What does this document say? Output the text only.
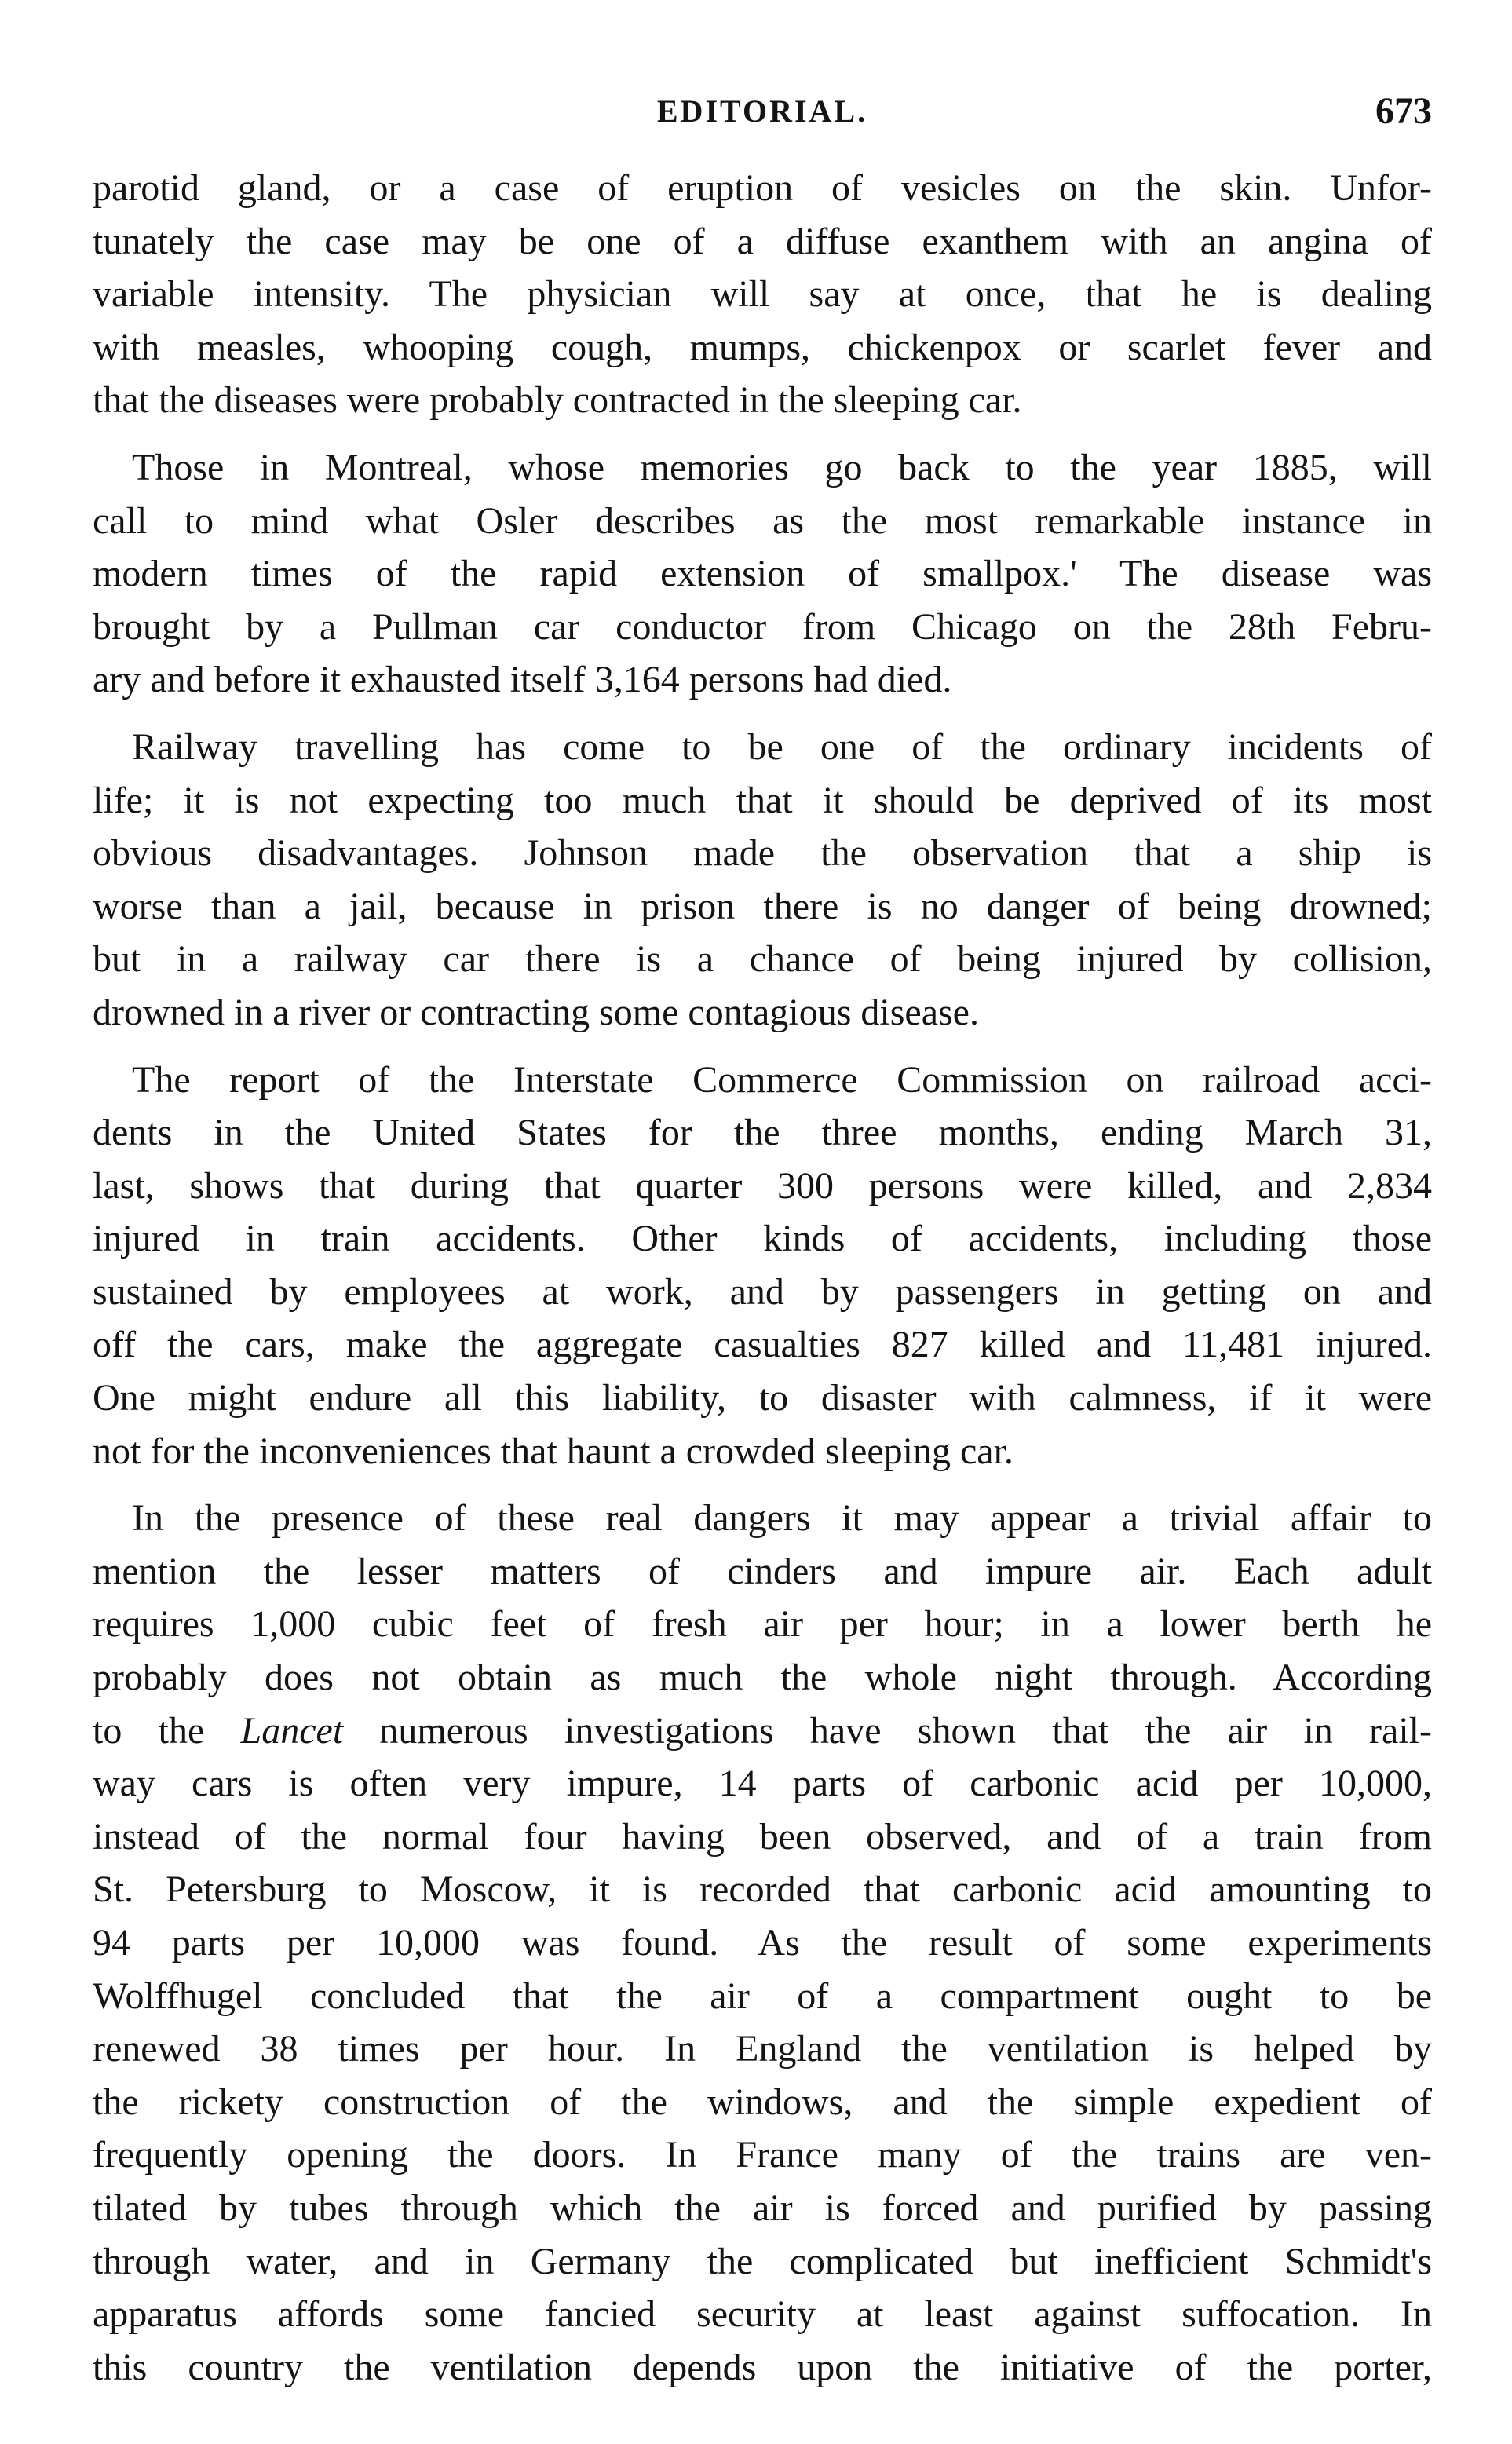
EDITORIAL.	673

parotid gland, or a case of eruption of vesicles on the skin. Unfor-
tunately the case may be one of a diffuse exanthem with an angina of
variable intensity. The physician will say at once, that he is dealing
with measles, whooping cough, mumps, chickenpox or scarlet fever and
that the diseases were probably contracted in the sleeping car.

Those in Montreal, whose memories go back to the year 1885, will
call to mind what Osler describes as the most remarkable instance in
modern times of the rapid extension of smallpox.' The disease was
brought by a Pullman car conductor from Chicago on the 28th Febru-
ary and before it exhausted itself 3,164 persons had died.

Railway travelling has come to be one of the ordinary incidents of
life; it is not expecting too much that it should be deprived of its most
obvious disadvantages. Johnson made the observation that a ship is
worse than a jail, because in prison there is no danger of being drowned;
but in a railway car there is a chance of being injured by collision,
drowned in a river or contracting some contagious disease.

The report of the Interstate Commerce Commission on railroad acci-
dents in the United States for the three months, ending March 31,
last, shows that during that quarter 300 persons were killed, and 2,834
injured in train accidents. Other kinds of accidents, including those
sustained by employees at work, and by passengers in getting on and
off the cars, make the aggregate casualties 827 killed and 11,481 injured.
One might endure all this liability, to disaster with calmness, if it were
not for the inconveniences that haunt a crowded sleeping car.

In the presence of these real dangers it may appear a trivial affair to
mention the lesser matters of cinders and impure air. Each adult
requires 1,000 cubic feet of fresh air per hour; in a lower berth he
probably does not obtain as much the whole night through. According
to the Lancet numerous investigations have shown that the air in rail-
way cars is often very impure, 14 parts of carbonic acid per 10,000,
instead of the normal four having been observed, and of a train from
St. Petersburg to Moscow, it is recorded that carbonic acid amounting to
94 parts per 10,000 was found. As the result of some experiments
Wolffhugel concluded that the air of a compartment ought to be
renewed 38 times per hour. In England the ventilation is helped by
the rickety construction of the windows, and the simple expedient of
frequently opening the doors. In France many of the trains are ven-
tilated by tubes through which the air is forced and purified by passing
through water, and in Germany the complicated but inefficient Schmidt's
apparatus affords some fancied security at least against suffocation. In
this country the ventilation depends upon the initiative of the porter,
